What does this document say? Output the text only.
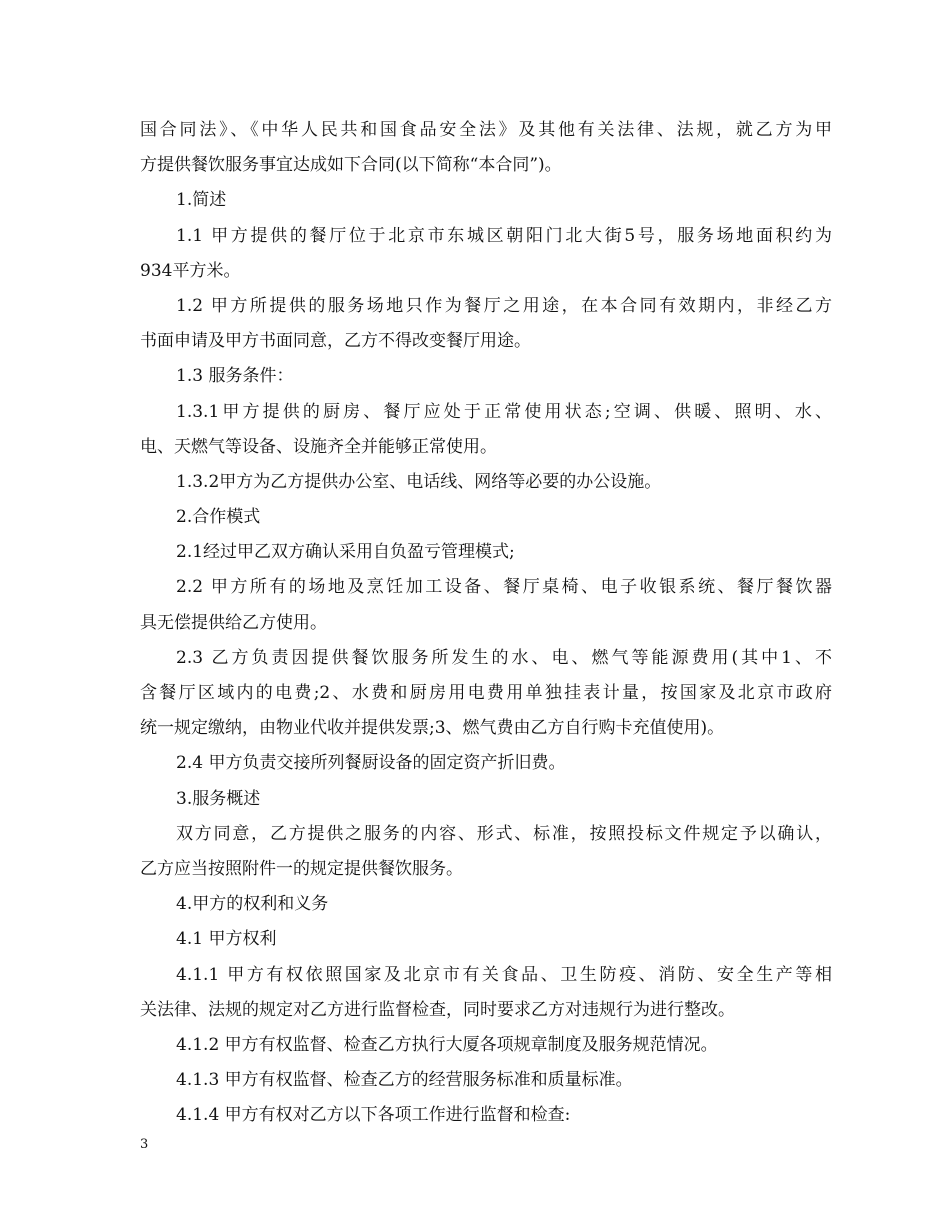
国合同法》、《中华人民共和国食品安全法》及其他有关法律、法规，就乙方为甲
方提供餐饮服务事宜达成如下合同(以下简称“本合同”)。
1.简述
1.1 甲方提供的餐厅位于北京市东城区朝阳门北大街5号，服务场地面积约为
934平方米。
1.2 甲方所提供的服务场地只作为餐厅之用途，在本合同有效期内，非经乙方
书面申请及甲方书面同意，乙方不得改变餐厅用途。
1.3 服务条件：
1.3.1甲方提供的厨房、餐厅应处于正常使用状态;空调、供暖、照明、水、
电、天燃气等设备、设施齐全并能够正常使用。
1.3.2甲方为乙方提供办公室、电话线、网络等必要的办公设施。
2.合作模式
2.1经过甲乙双方确认采用自负盈亏管理模式;
2.2 甲方所有的场地及烹饪加工设备、餐厅桌椅、电子收银系统、餐厅餐饮器
具无偿提供给乙方使用。
2.3 乙方负责因提供餐饮服务所发生的水、电、燃气等能源费用(其中1、不
含餐厅区域内的电费;2、水费和厨房用电费用单独挂表计量，按国家及北京市政府
统一规定缴纳，由物业代收并提供发票;3、燃气费由乙方自行购卡充值使用)。
2.4 甲方负责交接所列餐厨设备的固定资产折旧费。
3.服务概述
双方同意，乙方提供之服务的内容、形式、标准，按照投标文件规定予以确认，
乙方应当按照附件一的规定提供餐饮服务。
4.甲方的权利和义务
4.1 甲方权利
4.1.1 甲方有权依照国家及北京市有关食品、卫生防疫、消防、安全生产等相
关法律、法规的规定对乙方进行监督检查，同时要求乙方对违规行为进行整改。
4.1.2 甲方有权监督、检查乙方执行大厦各项规章制度及服务规范情况。
4.1.3 甲方有权监督、检查乙方的经营服务标准和质量标准。
4.1.4 甲方有权对乙方以下各项工作进行监督和检查:
3
